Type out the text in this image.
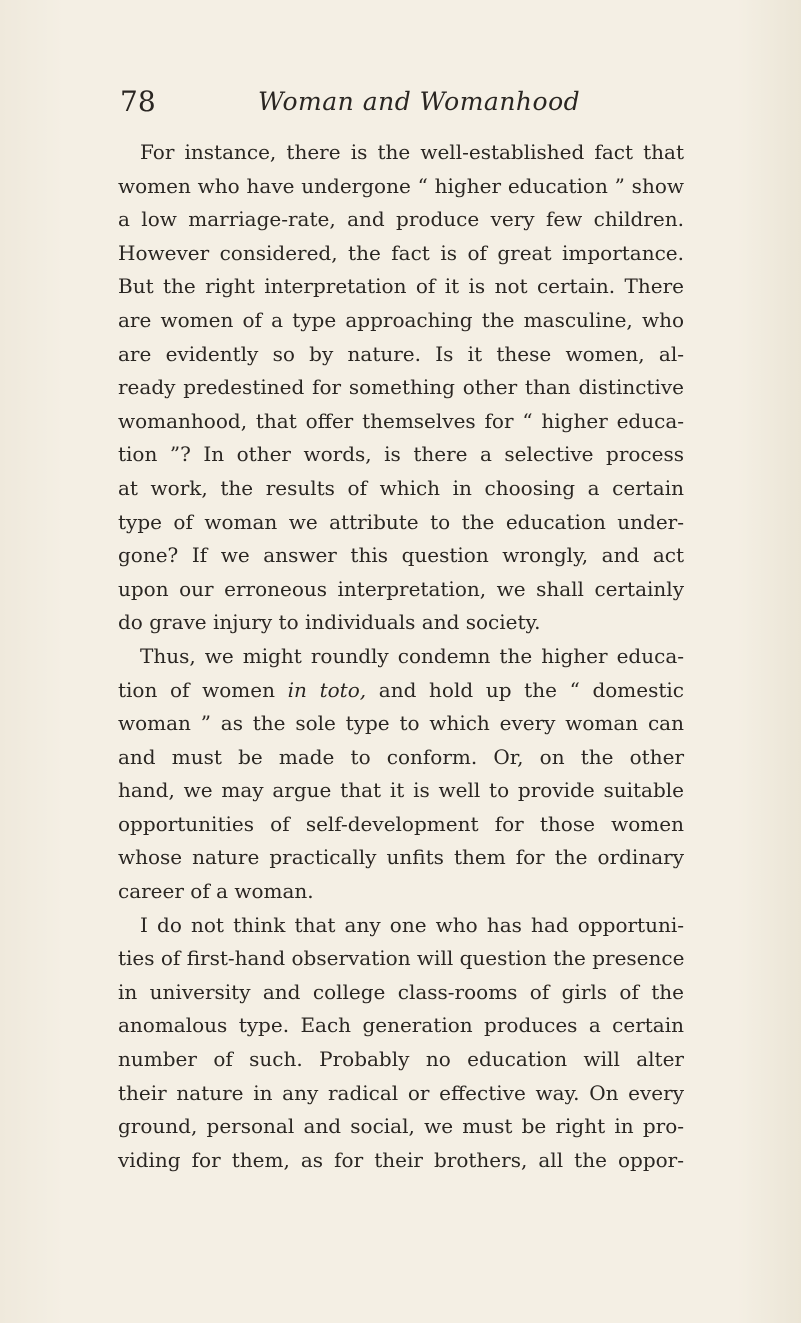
78	Woman and Womanhood
For instance, there is the well-established fact that
women who have undergone “ higher education ” show
a low marriage-rate, and produce very few children.
However considered, the fact is of great importance.
But the right interpretation of it is not certain. There
are women of a type approaching the masculine, who
are evidently so by nature. Is it these women, al-
ready predestined for something other than distinctive
womanhood, that offer themselves for “ higher educa-
tion ”? In other words, is there a selective process
at work, the results of which in choosing a certain
type of woman we attribute to the education under-
gone? If we answer this question wrongly, and act
upon our erroneous interpretation, we shall certainly
do grave injury to individuals and society.
Thus, we might roundly condemn the higher educa-
tion of women in toto, and hold up the “ domestic
woman ” as the sole type to which every woman can
and must be made to conform. Or, on the other
hand, we may argue that it is well to provide suitable
opportunities of self-development for those women
whose nature practically unfits them for the ordinary
career of a woman.
I do not think that any one who has had opportuni-
ties of first-hand observation will question the presence
in university and college class-rooms of girls of the
anomalous type. Each generation produces a certain
number of such. Probably no education will alter
their nature in any radical or effective way. On every
ground, personal and social, we must be right in pro-
viding for them, as for their brothers, all the oppor-
